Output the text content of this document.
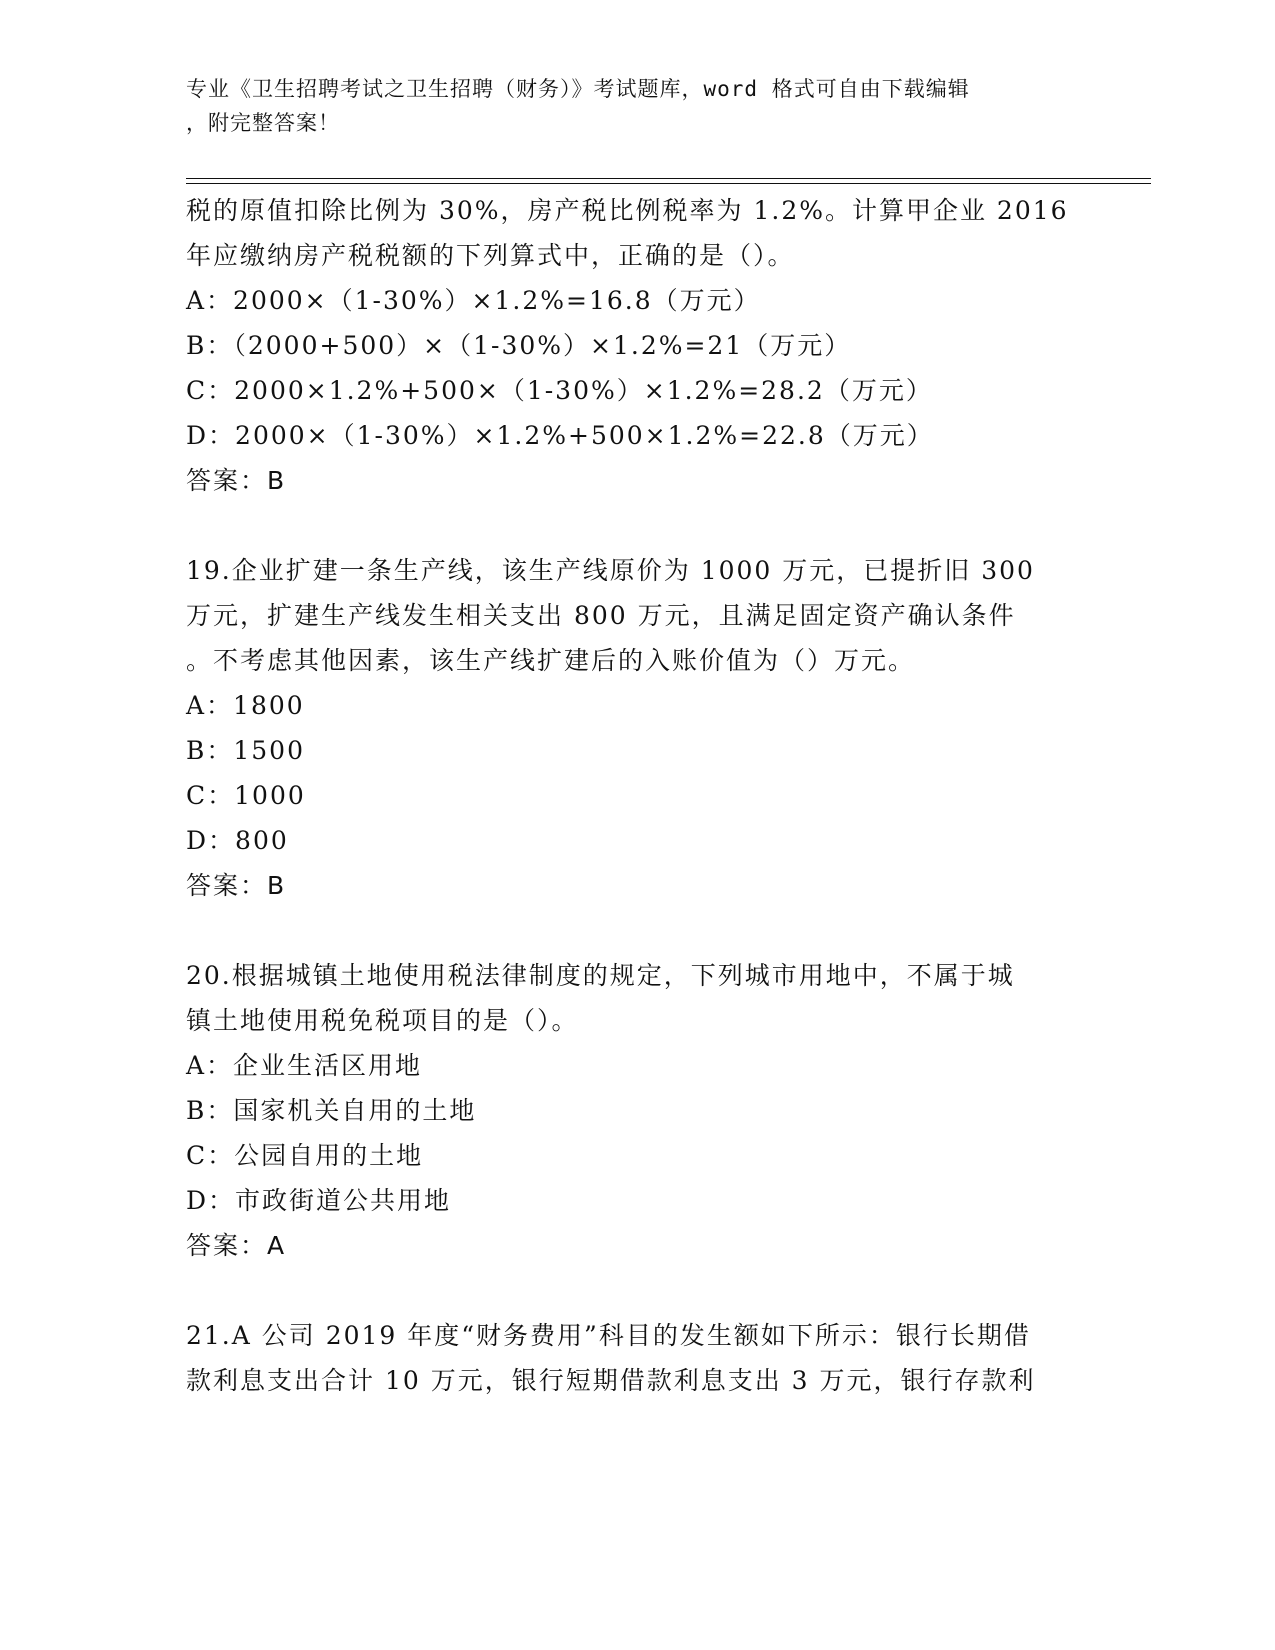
专业《卫生招聘考试之卫生招聘（财务）》考试题库，word 格式可自由下载编辑
，附完整答案！
税的原值扣除比例为 30%，房产税比例税率为 1.2%。计算甲企业 2016
年应缴纳房产税税额的下列算式中，正确的是（）。
A：2000×（1-30%）×1.2%=16.8（万元）
B：（2000+500）×（1-30%）×1.2%=21（万元）
C：2000×1.2%+500×（1-30%）×1.2%=28.2（万元）
D：2000×（1-30%）×1.2%+500×1.2%=22.8（万元）
答案：B
19.企业扩建一条生产线，该生产线原价为 1000 万元，已提折旧 300
万元，扩建生产线发生相关支出 800 万元，且满足固定资产确认条件
。不考虑其他因素，该生产线扩建后的入账价值为（）万元。
A：1800
B：1500
C：1000
D：800
答案：B
20.根据城镇土地使用税法律制度的规定，下列城市用地中，不属于城
镇土地使用税免税项目的是（）。
A：企业生活区用地
B：国家机关自用的土地
C：公园自用的土地
D：市政街道公共用地
答案：A
21.A 公司 2019 年度“财务费用”科目的发生额如下所示：银行长期借
款利息支出合计 10 万元，银行短期借款利息支出 3 万元，银行存款利
